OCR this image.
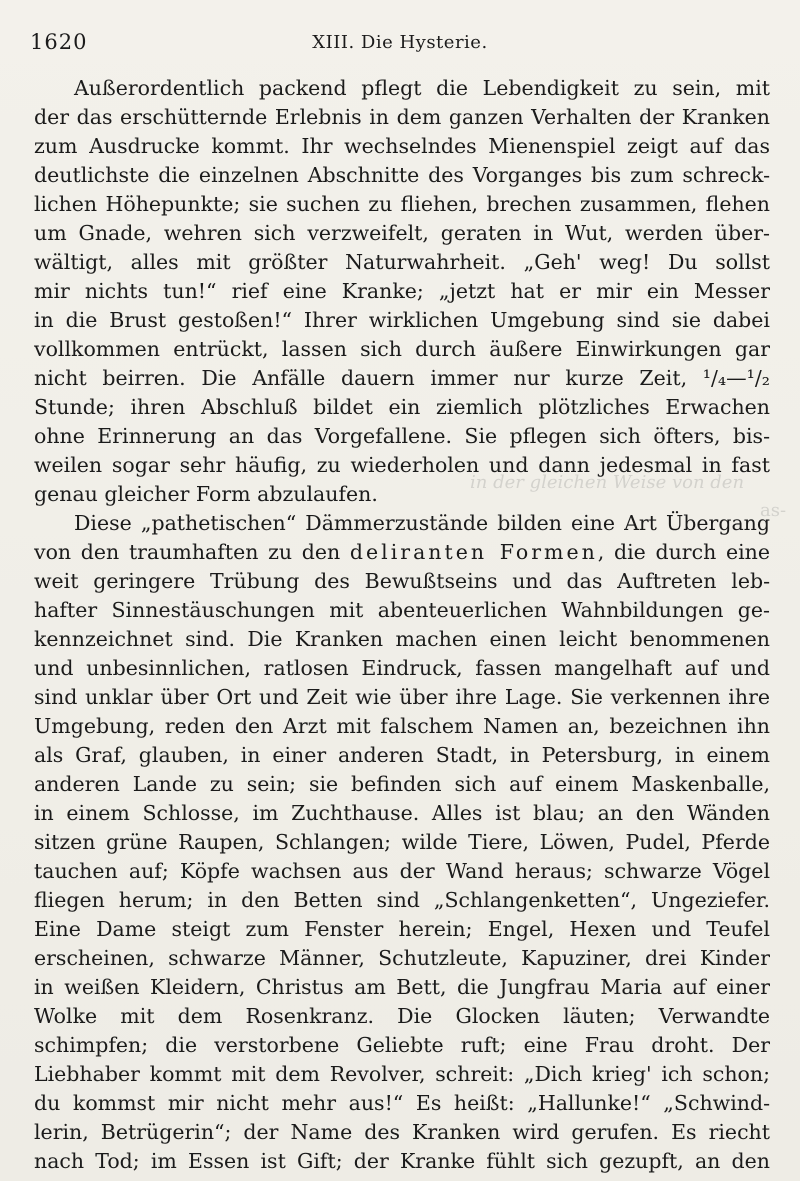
1620	XIII. Die Hysterie.
in der gleichen Weise von den
as-
Außerordentlich packend pflegt die Lebendigkeit zu sein, mit
der das erschütternde Erlebnis in dem ganzen Verhalten der Kranken
zum Ausdrucke kommt. Ihr wechselndes Mienenspiel zeigt auf das
deutlichste die einzelnen Abschnitte des Vorganges bis zum schreck-
lichen Höhepunkte; sie suchen zu fliehen, brechen zusammen, flehen
um Gnade, wehren sich verzweifelt, geraten in Wut, werden über-
wältigt, alles mit größter Naturwahrheit. „Geh' weg! Du sollst
mir nichts tun!“ rief eine Kranke; „jetzt hat er mir ein Messer
in die Brust gestoßen!“ Ihrer wirklichen Umgebung sind sie dabei
vollkommen entrückt, lassen sich durch äußere Einwirkungen gar
nicht beirren. Die Anfälle dauern immer nur kurze Zeit, ¹/₄—¹/₂
Stunde; ihren Abschluß bildet ein ziemlich plötzliches Erwachen
ohne Erinnerung an das Vorgefallene. Sie pflegen sich öfters, bis-
weilen sogar sehr häufig, zu wiederholen und dann jedesmal in fast
genau gleicher Form abzulaufen.
Diese „pathetischen“ Dämmerzustände bilden eine Art Übergang
von den traumhaften zu den deliranten Formen, die durch eine
weit geringere Trübung des Bewußtseins und das Auftreten leb-
hafter Sinnestäuschungen mit abenteuerlichen Wahnbildungen ge-
kennzeichnet sind. Die Kranken machen einen leicht benommenen
und unbesinnlichen, ratlosen Eindruck, fassen mangelhaft auf und
sind unklar über Ort und Zeit wie über ihre Lage. Sie verkennen ihre
Umgebung, reden den Arzt mit falschem Namen an, bezeichnen ihn
als Graf, glauben, in einer anderen Stadt, in Petersburg, in einem
anderen Lande zu sein; sie befinden sich auf einem Maskenballe,
in einem Schlosse, im Zuchthause. Alles ist blau; an den Wänden
sitzen grüne Raupen, Schlangen; wilde Tiere, Löwen, Pudel, Pferde
tauchen auf; Köpfe wachsen aus der Wand heraus; schwarze Vögel
fliegen herum; in den Betten sind „Schlangenketten“, Ungeziefer.
Eine Dame steigt zum Fenster herein; Engel, Hexen und Teufel
erscheinen, schwarze Männer, Schutzleute, Kapuziner, drei Kinder
in weißen Kleidern, Christus am Bett, die Jungfrau Maria auf einer
Wolke mit dem Rosenkranz. Die Glocken läuten; Verwandte
schimpfen; die verstorbene Geliebte ruft; eine Frau droht. Der
Liebhaber kommt mit dem Revolver, schreit: „Dich krieg' ich schon;
du kommst mir nicht mehr aus!“ Es heißt: „Hallunke!“ „Schwind-
lerin, Betrügerin“; der Name des Kranken wird gerufen. Es riecht
nach Tod; im Essen ist Gift; der Kranke fühlt sich gezupft, an den
